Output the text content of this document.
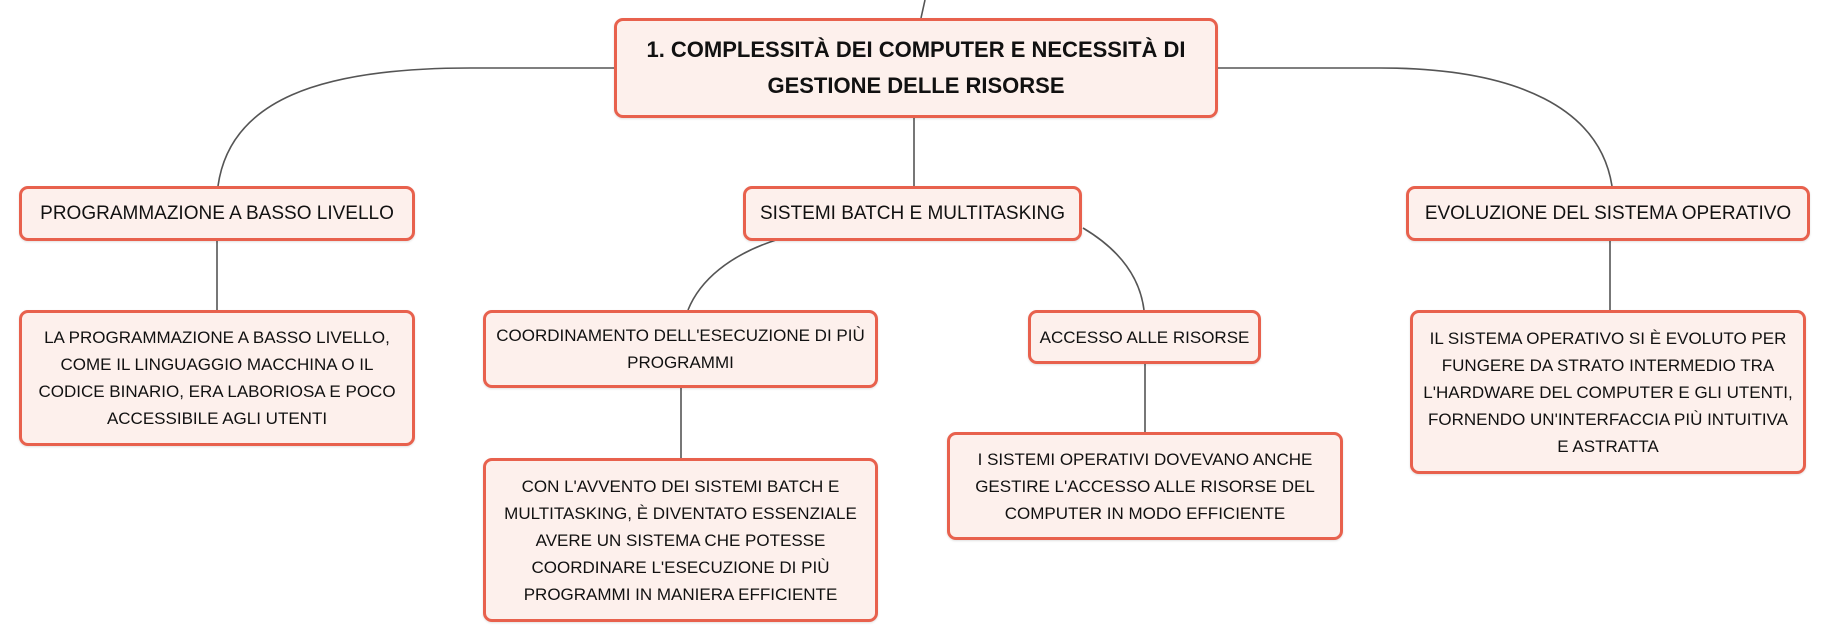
1. COMPLESSITÀ DEI COMPUTER E NECESSITÀ DI GESTIONE DELLE RISORSE
PROGRAMMAZIONE A BASSO LIVELLO	SISTEMI BATCH E MULTITASKING	EVOLUZIONE DEL SISTEMA OPERATIVO
LA PROGRAMMAZIONE A BASSO LIVELLO, COME IL LINGUAGGIO MACCHINA O IL CODICE BINARIO, ERA LABORIOSA E POCO ACCESSIBILE AGLI UTENTI
COORDINAMENTO DELL'ESECUZIONE DI PIÙ PROGRAMMI
ACCESSO ALLE RISORSE	IL SISTEMA OPERATIVO SI È EVOLUTO PER FUNGERE DA STRATO INTERMEDIO TRA L'HARDWARE DEL COMPUTER E GLI UTENTI, FORNENDO UN'INTERFACCIA PIÙ INTUITIVA E ASTRATTA
CON L'AVVENTO DEI SISTEMI BATCH E MULTITASKING, È DIVENTATO ESSENZIALE AVERE UN SISTEMA CHE POTESSE COORDINARE L'ESECUZIONE DI PIÙ PROGRAMMI IN MANIERA EFFICIENTE
I SISTEMI OPERATIVI DOVEVANO ANCHE GESTIRE L'ACCESSO ALLE RISORSE DEL COMPUTER IN MODO EFFICIENTE
